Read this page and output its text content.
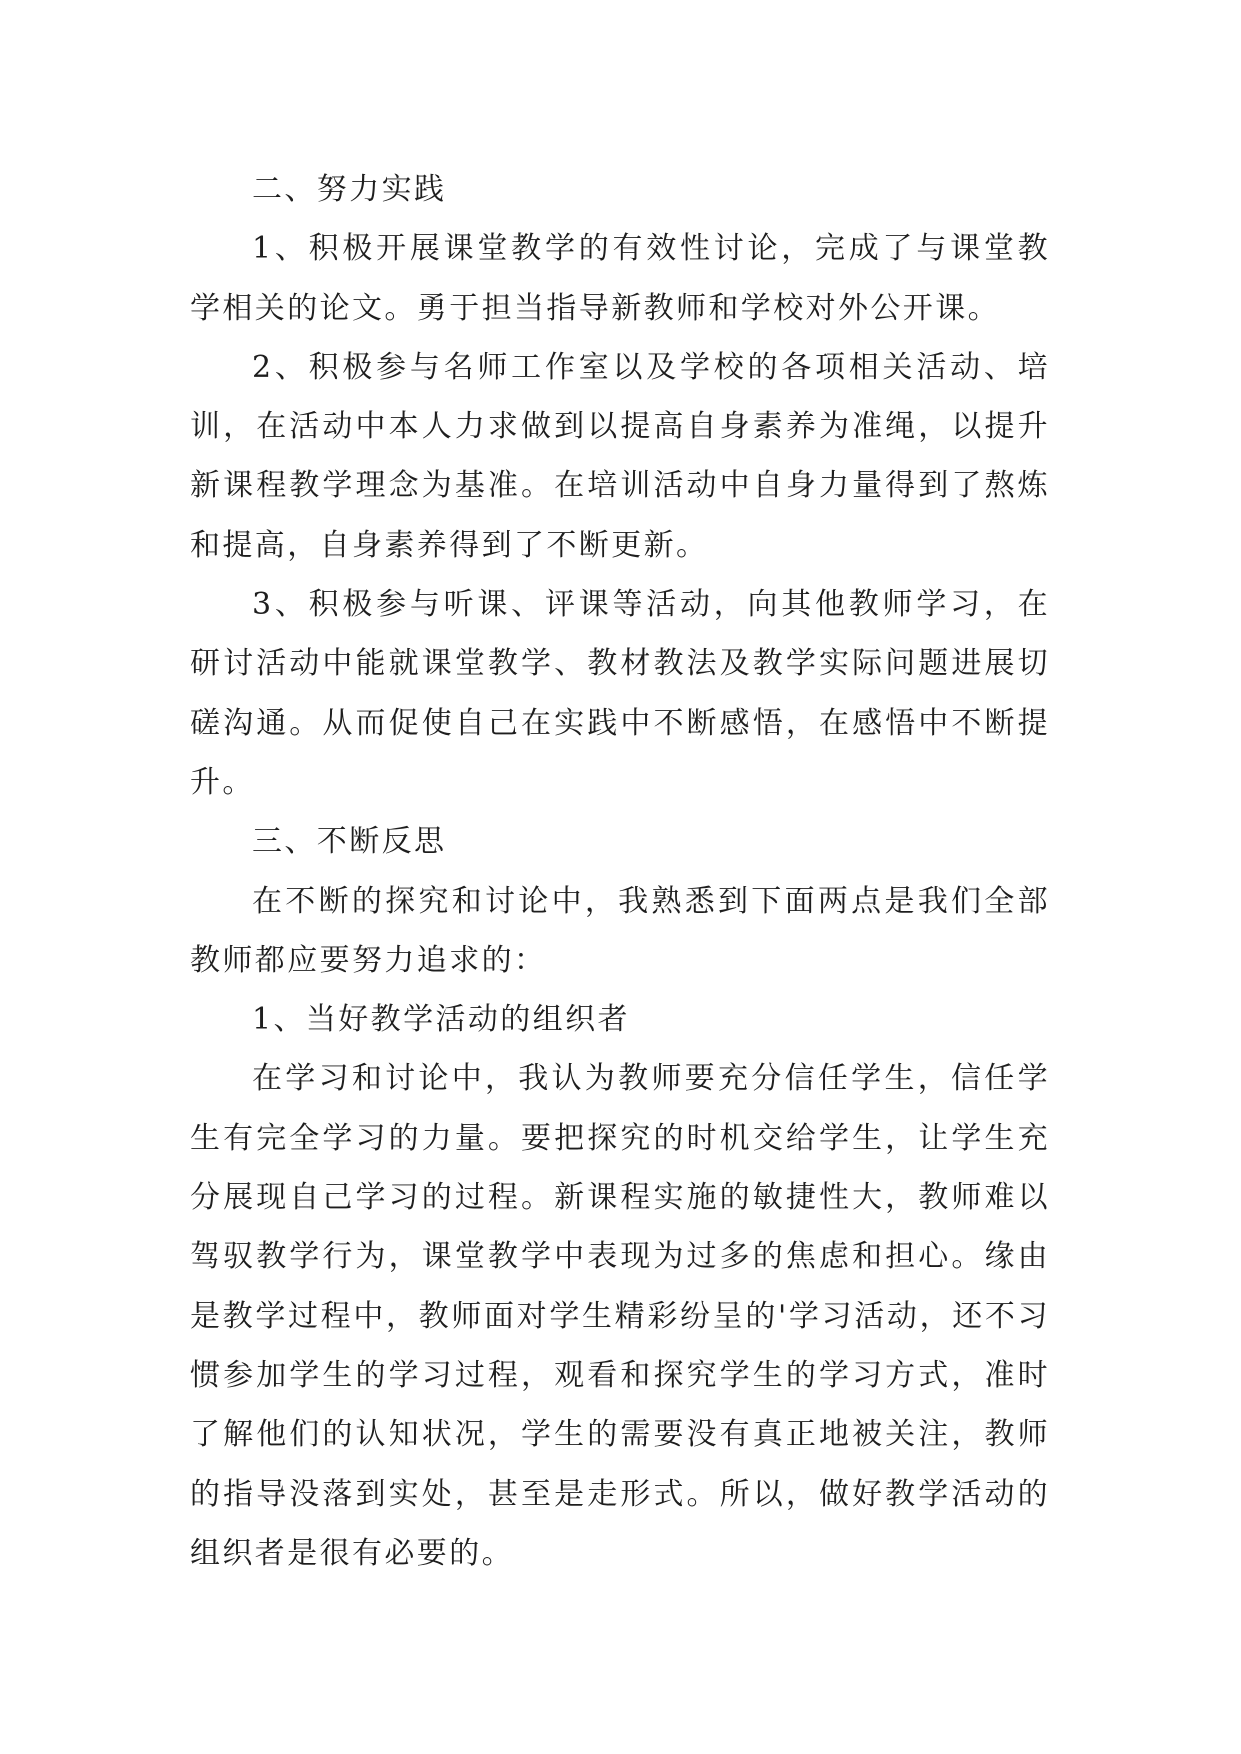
二、努力实践

1、积极开展课堂教学的有效性讨论，完成了与课堂教学相关的论文。勇于担当指导新教师和学校对外公开课。

2、积极参与名师工作室以及学校的各项相关活动、培训，在活动中本人力求做到以提高自身素养为准绳，以提升新课程教学理念为基准。在培训活动中自身力量得到了熬炼和提高，自身素养得到了不断更新。

3、积极参与听课、评课等活动，向其他教师学习，在研讨活动中能就课堂教学、教材教法及教学实际问题进展切磋沟通。从而促使自己在实践中不断感悟，在感悟中不断提升。

三、不断反思

在不断的探究和讨论中，我熟悉到下面两点是我们全部教师都应要努力追求的：

1、当好教学活动的组织者

在学习和讨论中，我认为教师要充分信任学生，信任学生有完全学习的力量。要把探究的时机交给学生，让学生充分展现自己学习的过程。新课程实施的敏捷性大，教师难以驾驭教学行为，课堂教学中表现为过多的焦虑和担心。缘由是教学过程中，教师面对学生精彩纷呈的'学习活动，还不习惯参加学生的学习过程，观看和探究学生的学习方式，准时了解他们的认知状况，学生的需要没有真正地被关注，教师的指导没落到实处，甚至是走形式。所以，做好教学活动的组织者是很有必要的。
